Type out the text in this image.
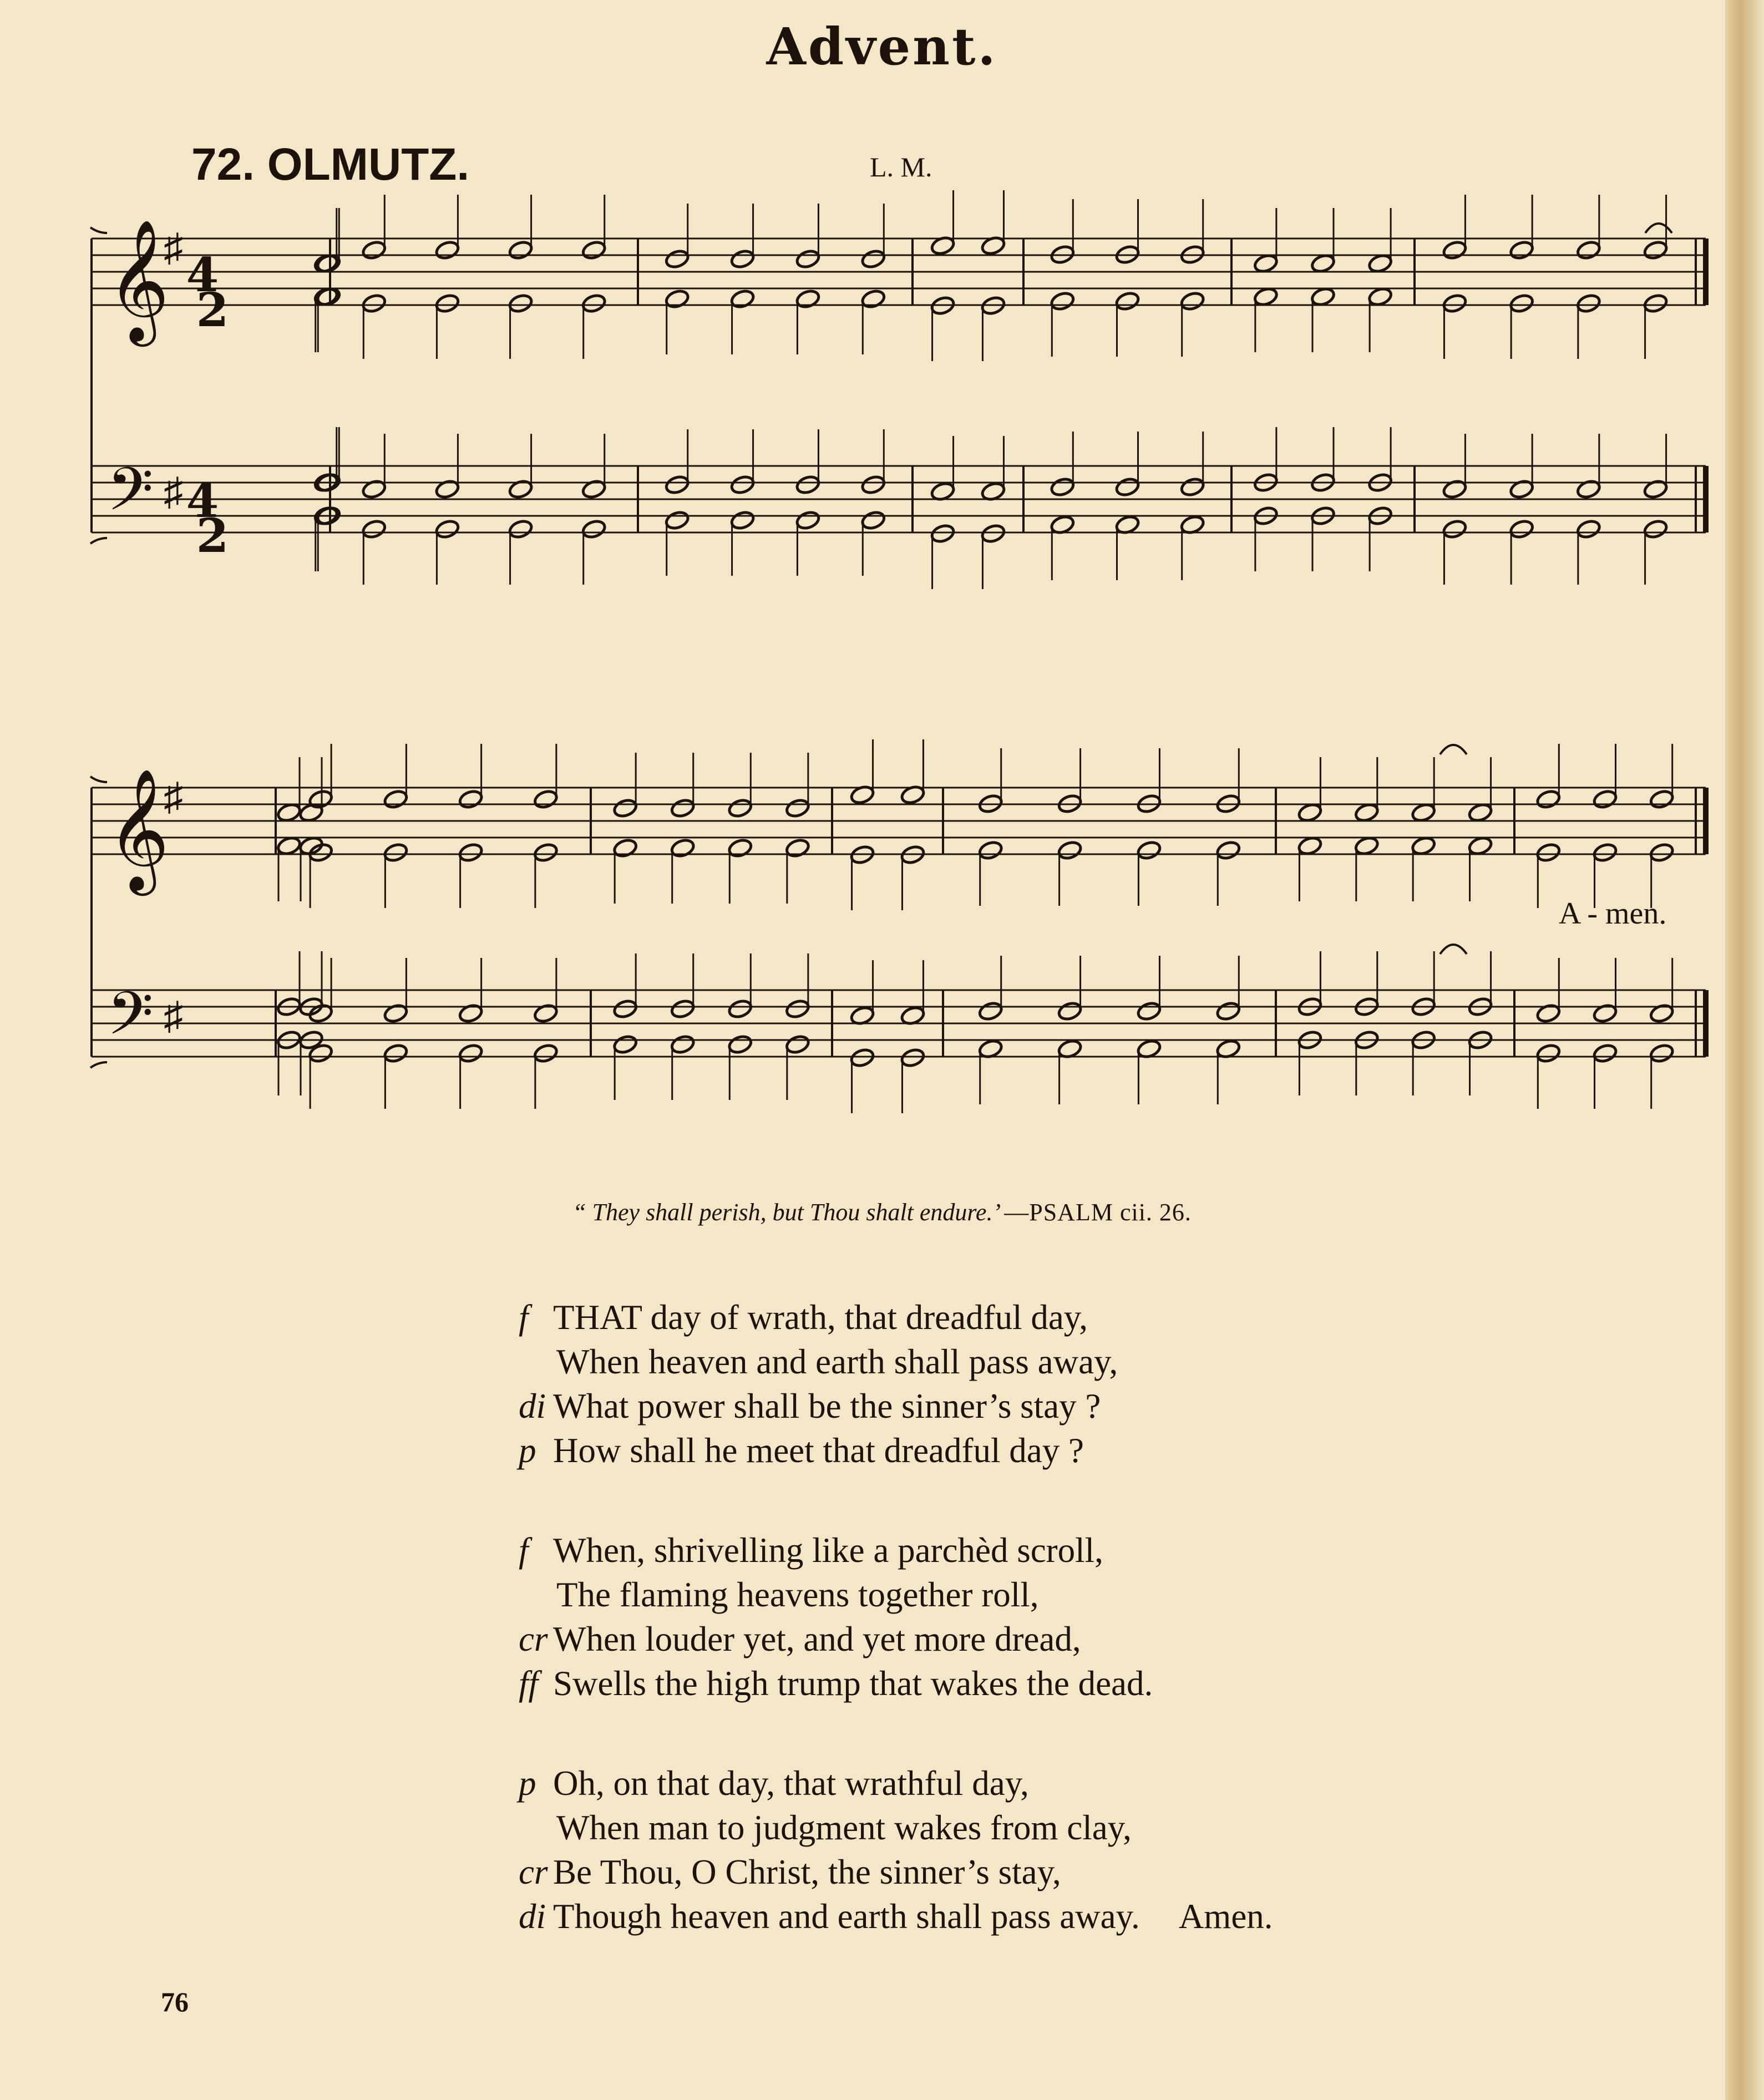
Advent.
72. OLMUTZ.	L. M.
𝄞
𝄢
♯
♯
𝄞
𝄢
♯
♯
4
2
4
2
A - men.
“ They shall perish, but Thou shalt endure.’ —PSALM cii. 26.
f THAT day of wrath, that dreadful day,
When heaven and earth shall pass away,
di What power shall be the sinner’s stay ?
p How shall he meet that dreadful day ?
f When, shrivelling like a parchèd scroll,
The flaming heavens together roll,
cr When louder yet, and yet more dread,
ff Swells the high trump that wakes the dead.
p Oh, on that day, that wrathful day,
When man to judgment wakes from clay,
cr Be Thou, O Christ, the sinner’s stay,
di Though heaven and earth shall pass away. Amen.
76
